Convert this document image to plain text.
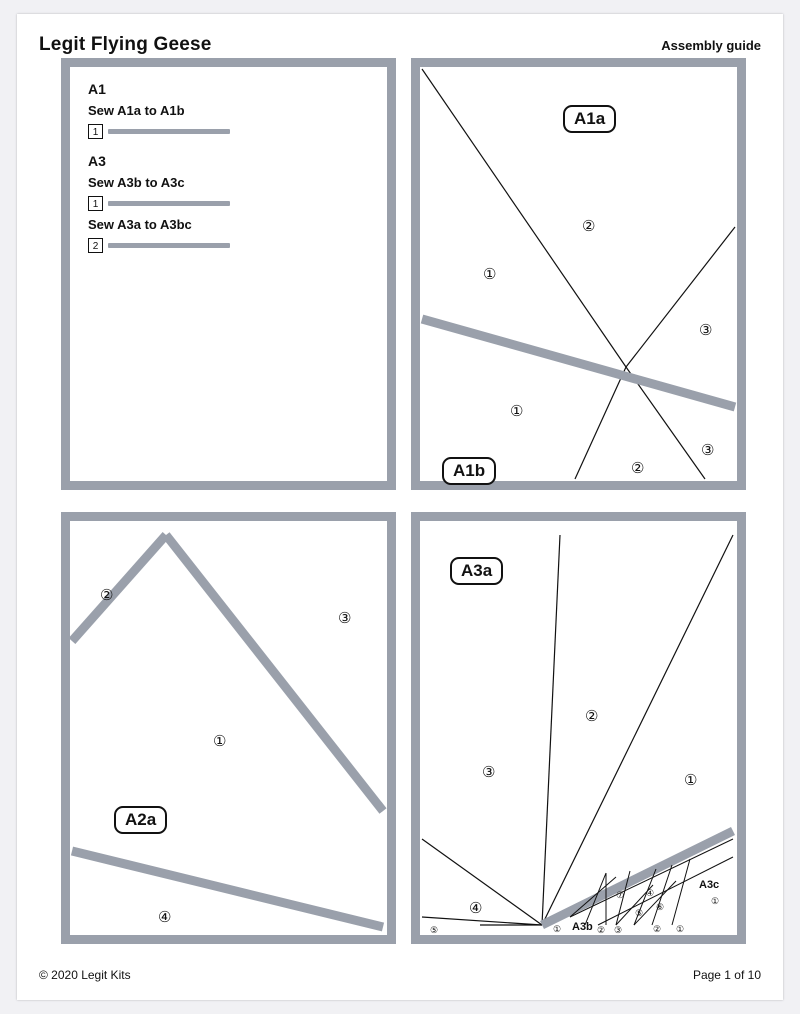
Legit Flying Geese	Assembly guide
A1
Sew A1a to A1b
1
A3
Sew A3b to A3c
1
Sew A3a to A3bc
2
A1a
A1b
②
①
③
①
③
②
A2a
②
③
①
④
A3a
A3b
A3c
②
③	①
④	①
⑤	①
⑦
② ③
④
⑤
⑥
② ①
© 2020 Legit Kits	Page 1 of 10
